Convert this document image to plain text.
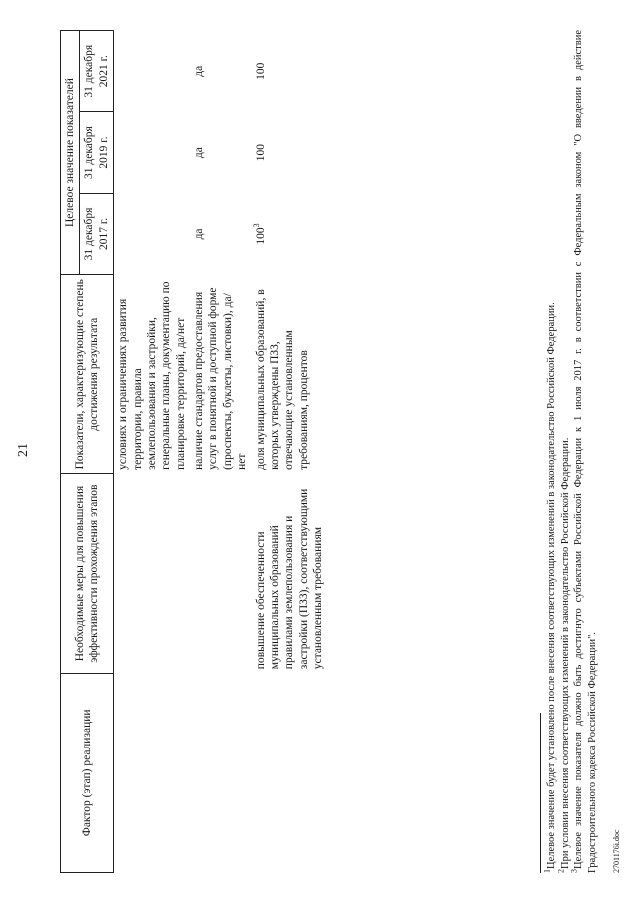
21
Фактор (этап) реализации	Необходимые меры для повышения эффективности прохождения этапов	Показатели, характеризующие степень достижения результата	Целевое значение показателей		
			31 декабря 2017 г.	31 декабря 2019 г.	31 декабря 2021 г.
		условиях и ограничениях развития территории, правила землепользования и застройки, генеральные планы, документацию по планировке территорий, да/нет			
		наличие стандартов предоставления услуг в понятной и доступной форме (проспекты, буклеты, листовки), да/нет	да	да	да
	повышение обеспеченности муниципальных образований правилами землепользования и застройки (ПЗЗ), соответствующими установленным требованиям	доля муниципальных образований, в которых утверждены ПЗЗ, отвечающие установленным требованиям, процентов	$100^3$	100	100

$^1$Целевое значение будет установлено после внесения соответствующих изменений в законодательство Российской Федерации.

$^2$При условии внесения соответствующих изменений в законодательство Российской Федерации.

$^3$Целевое значение показателя должно быть достигнуто субъектами Российской Федерации к 1 июля 2017 г. в соответствии с Федеральным законом "О введении в действие Градостроительного кодекса Российской Федерации". 2701176i.doc
